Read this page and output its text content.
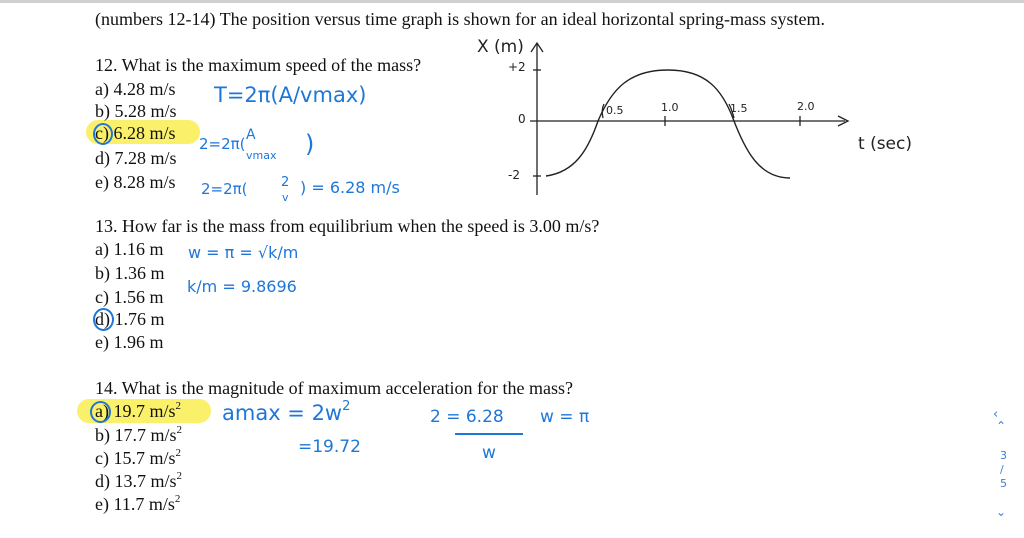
(numbers 12-14) The position versus time graph is shown for an ideal horizontal spring-mass system.
12. What is the maximum speed of the mass?
a) 4.28 m/s
b) 5.28 m/s
c) 6.28 m/s
d) 7.28 m/s
e) 8.28 m/s
T=2π(A/vmax)
2=2π( A
vmax )
2=2π(	2
v
) = 6.28 m/s
X (m)
+2
0
-2
0.5	1.0	1.5	2.0
t (sec)
13. How far is the mass from equilibrium when the speed is 3.00 m/s?
a) 1.16 m
b) 1.36 m
c) 1.56 m
d) 1.76 m
e) 1.96 m
w = π = √k/m
k/m = 9.8696
14. What is the magnitude of maximum acceleration for the mass?
a) 19.7 $m/s^2$
b) 17.7 $m/s^2$
c) 15.7 $m/s^2$
d) 13.7 $m/s^2$
e) 11.7 $m/s^2$
$amax = 2w^2$
=19.72
2 = 6.28
w
w = π	‹
⌃
3
/
5
⌄
